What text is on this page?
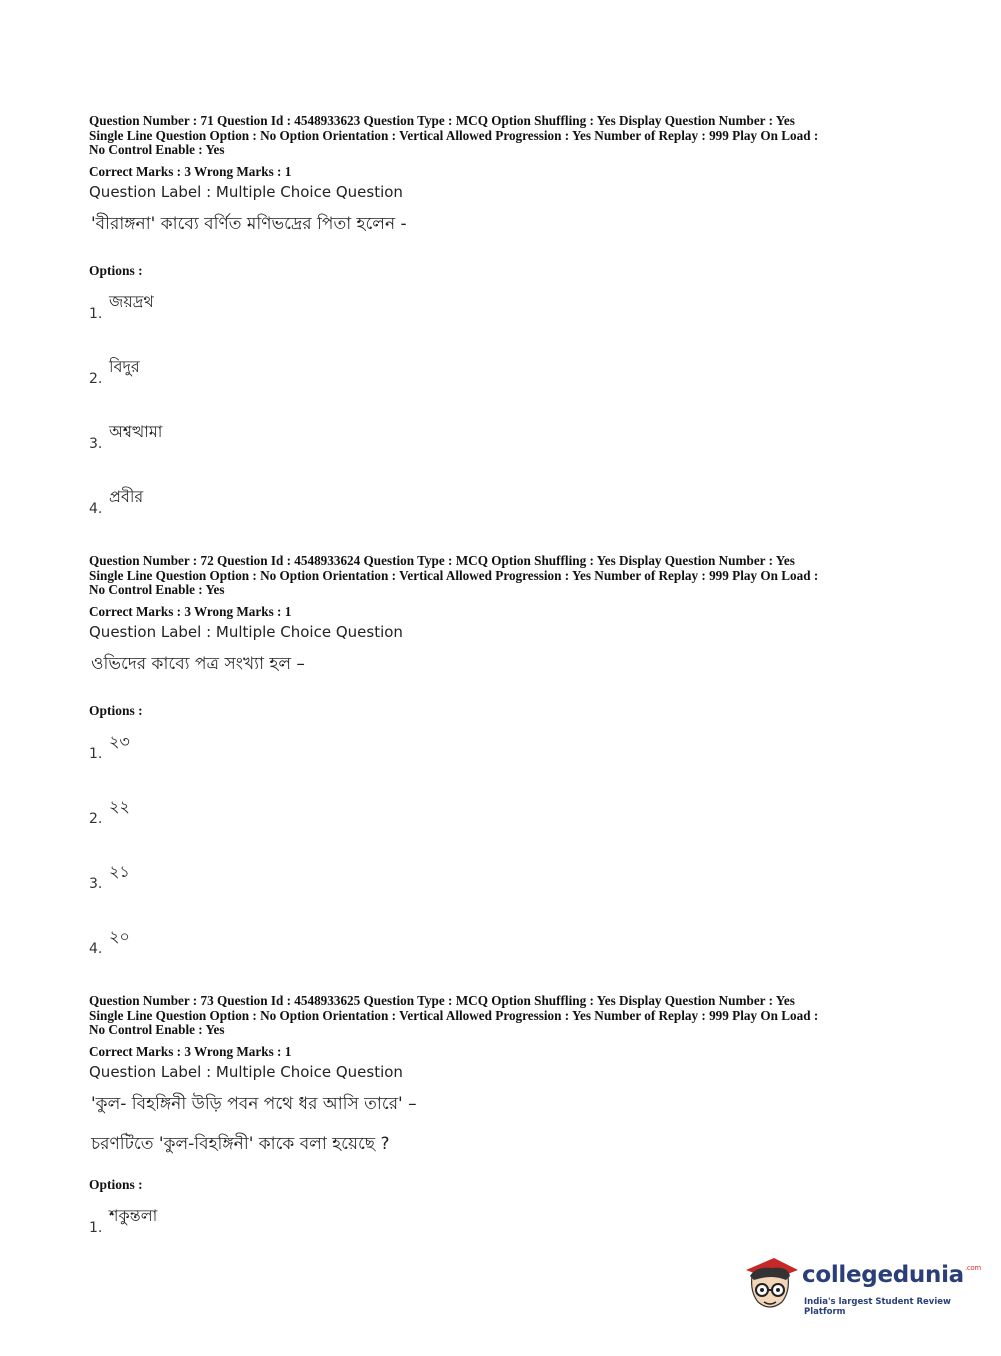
Question Number : 71 Question Id : 4548933623 Question Type : MCQ Option Shuffling : Yes Display Question Number : Yes
Single Line Question Option : No Option Orientation : Vertical Allowed Progression : Yes Number of Replay : 999 Play On Load :
No Control Enable : Yes

Correct Marks : 3 Wrong Marks : 1
Question Label : Multiple Choice Question
'বীরাঙ্গনা' কাব্যে বর্ণিত মণিভদ্রের পিতা হলেন -
Options :
1.
জয়দ্রথ
2.
বিদুর
3.
অশ্বত্থামা
4.
প্রবীর

Question Number : 72 Question Id : 4548933624 Question Type : MCQ Option Shuffling : Yes Display Question Number : Yes
Single Line Question Option : No Option Orientation : Vertical Allowed Progression : Yes Number of Replay : 999 Play On Load :
No Control Enable : Yes

Correct Marks : 3 Wrong Marks : 1
Question Label : Multiple Choice Question
ওভিদের কাব্যে পত্র সংখ্যা হল –
Options :
1.
২৩
2.
২২
3.
২১
4.
২০

Question Number : 73 Question Id : 4548933625 Question Type : MCQ Option Shuffling : Yes Display Question Number : Yes
Single Line Question Option : No Option Orientation : Vertical Allowed Progression : Yes Number of Replay : 999 Play On Load :
No Control Enable : Yes

Correct Marks : 3 Wrong Marks : 1
Question Label : Multiple Choice Question
'কুল- বিহঙ্গিনী উড়ি পবন পথে ধর আসি তারে' –
চরণটিতে 'কুল-বিহঙ্গিনী' কাকে বলা হয়েছে ?
Options :
1.
শকুন্তলা
collegedunia$^{.com}$
India's largest Student Review Platform
